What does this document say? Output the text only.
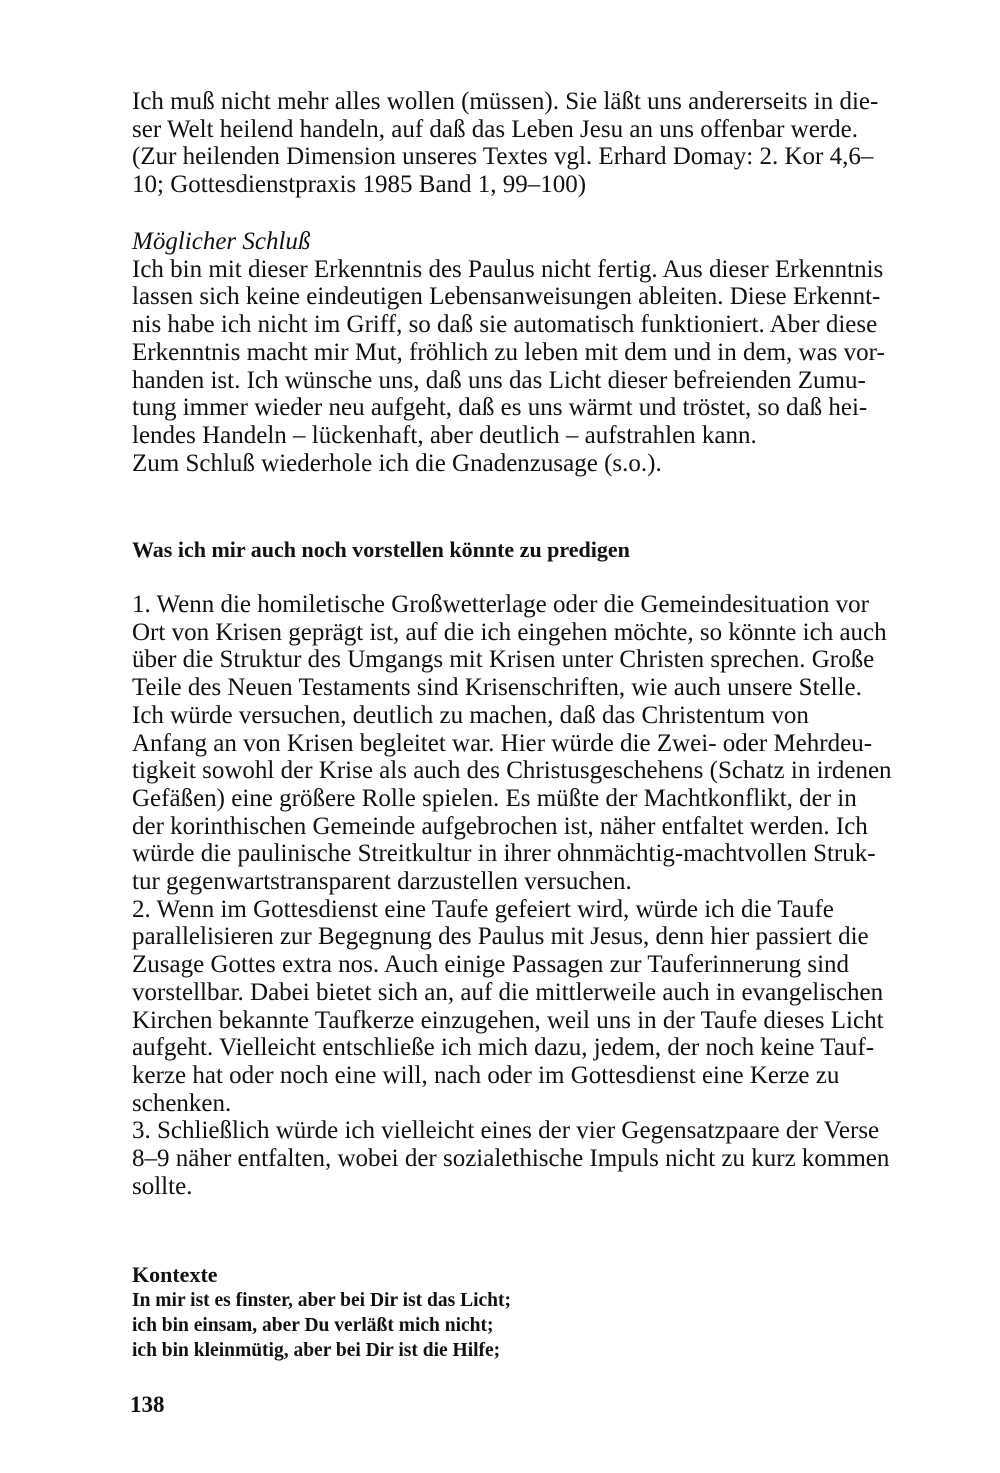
Ich muß nicht mehr alles wollen (müssen). Sie läßt uns andererseits in die-
ser Welt heilend handeln, auf daß das Leben Jesu an uns offenbar werde.
(Zur heilenden Dimension unseres Textes vgl. Erhard Domay: 2. Kor 4,6–
10; Gottesdienstpraxis 1985 Band 1, 99–100)
Möglicher Schluß
Ich bin mit dieser Erkenntnis des Paulus nicht fertig. Aus dieser Erkenntnis
lassen sich keine eindeutigen Lebensanweisungen ableiten. Diese Erkennt-
nis habe ich nicht im Griff, so daß sie automatisch funktioniert. Aber diese
Erkenntnis macht mir Mut, fröhlich zu leben mit dem und in dem, was vor-
handen ist. Ich wünsche uns, daß uns das Licht dieser befreienden Zumu-
tung immer wieder neu aufgeht, daß es uns wärmt und tröstet, so daß hei-
lendes Handeln – lückenhaft, aber deutlich – aufstrahlen kann.
Zum Schluß wiederhole ich die Gnadenzusage (s.o.).
Was ich mir auch noch vorstellen könnte zu predigen
1. Wenn die homiletische Großwetterlage oder die Gemeindesituation vor
Ort von Krisen geprägt ist, auf die ich eingehen möchte, so könnte ich auch
über die Struktur des Umgangs mit Krisen unter Christen sprechen. Große
Teile des Neuen Testaments sind Krisenschriften, wie auch unsere Stelle.
Ich würde versuchen, deutlich zu machen, daß das Christentum von
Anfang an von Krisen begleitet war. Hier würde die Zwei- oder Mehrdeu-
tigkeit sowohl der Krise als auch des Christusgeschehens (Schatz in irdenen
Gefäßen) eine größere Rolle spielen. Es müßte der Machtkonflikt, der in
der korinthischen Gemeinde aufgebrochen ist, näher entfaltet werden. Ich
würde die paulinische Streitkultur in ihrer ohnmächtig-machtvollen Struk-
tur gegenwartstransparent darzustellen versuchen.
2. Wenn im Gottesdienst eine Taufe gefeiert wird, würde ich die Taufe
parallelisieren zur Begegnung des Paulus mit Jesus, denn hier passiert die
Zusage Gottes extra nos. Auch einige Passagen zur Tauferinnerung sind
vorstellbar. Dabei bietet sich an, auf die mittlerweile auch in evangelischen
Kirchen bekannte Taufkerze einzugehen, weil uns in der Taufe dieses Licht
aufgeht. Vielleicht entschließe ich mich dazu, jedem, der noch keine Tauf-
kerze hat oder noch eine will, nach oder im Gottesdienst eine Kerze zu
schenken.
3. Schließlich würde ich vielleicht eines der vier Gegensatzpaare der Verse
8–9 näher entfalten, wobei der sozialethische Impuls nicht zu kurz kommen
sollte.
Kontexte
In mir ist es finster, aber bei Dir ist das Licht;
ich bin einsam, aber Du verläßt mich nicht;
ich bin kleinmütig, aber bei Dir ist die Hilfe;
138
